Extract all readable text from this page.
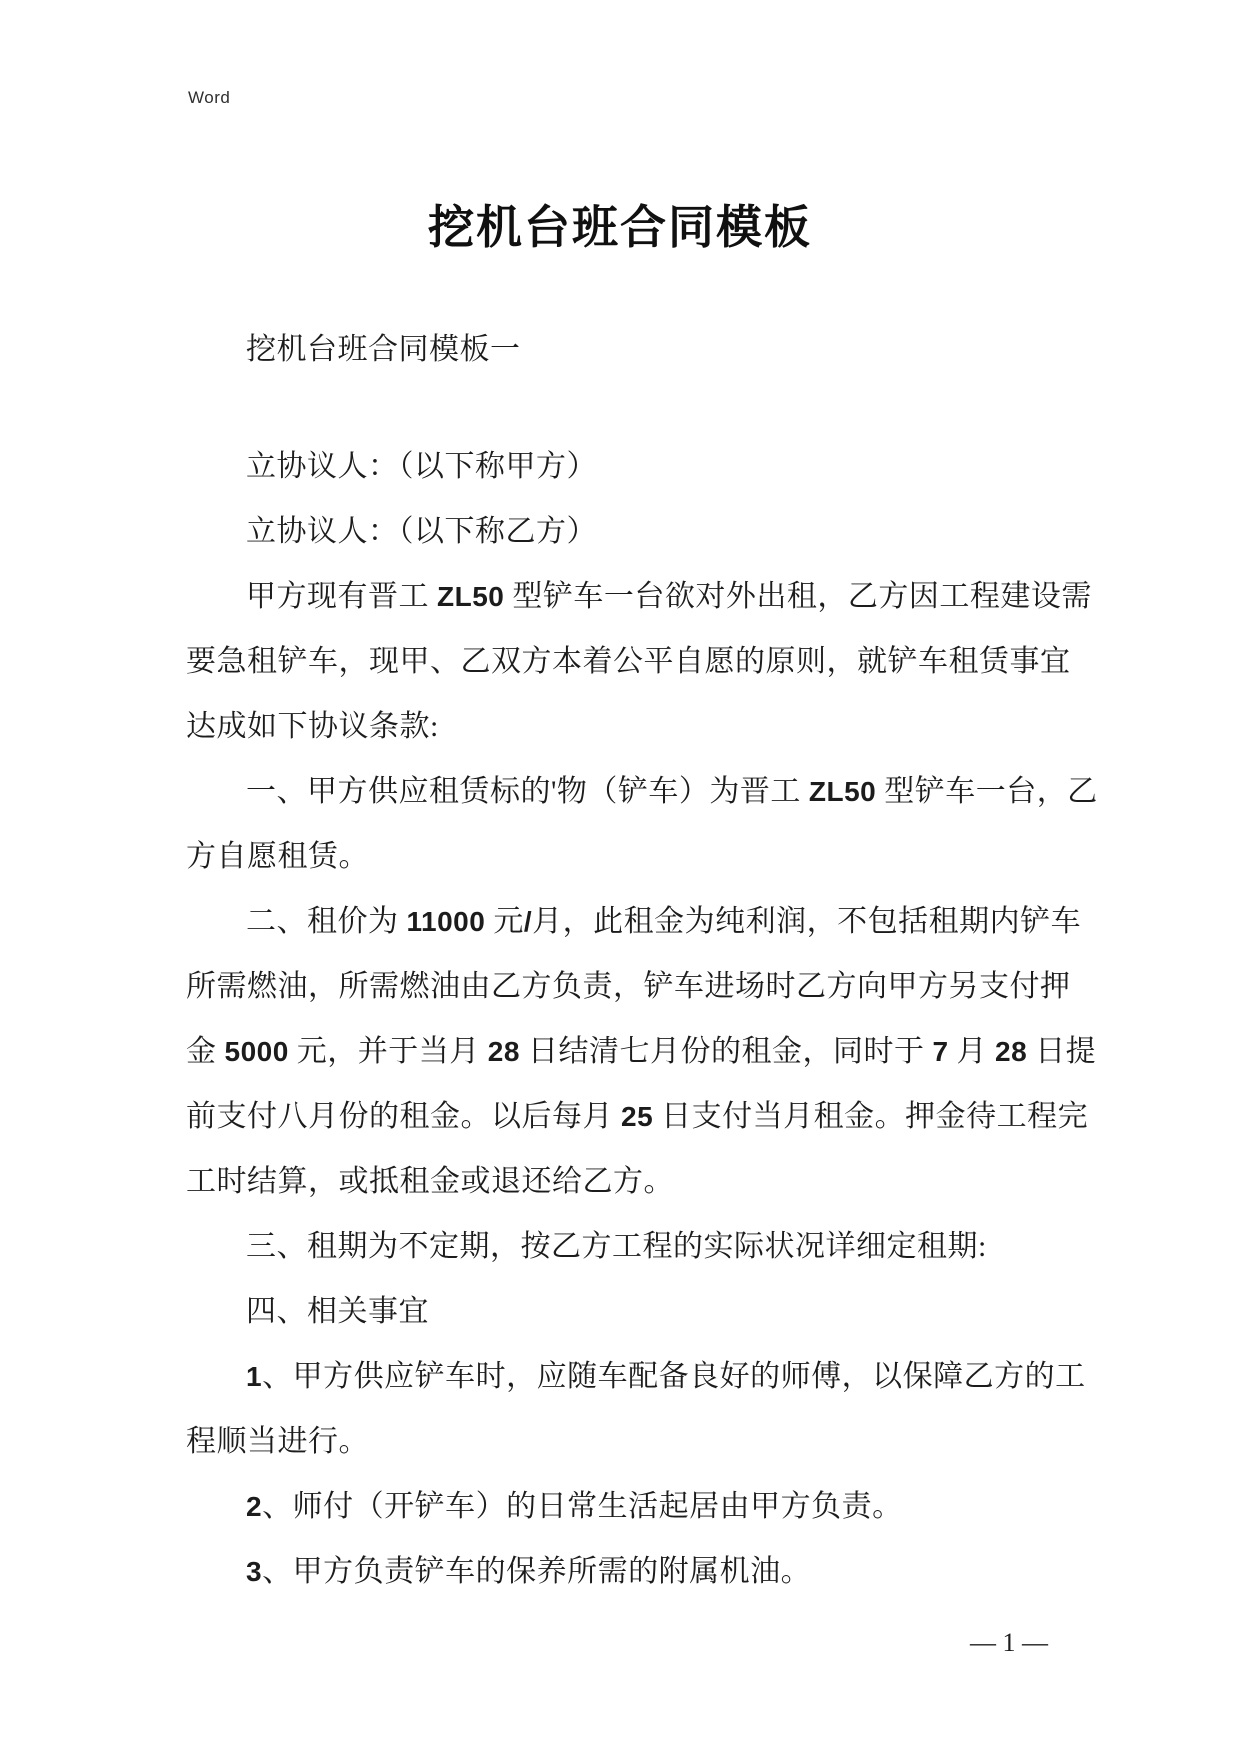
Word
挖机台班合同模板
挖机台班合同模板一
立协议人：（以下称甲方）
立协议人：（以下称乙方）
甲方现有晋工 ZL50 型铲车一台欲对外出租，乙方因工程建设需
要急租铲车，现甲、乙双方本着公平自愿的原则，就铲车租赁事宜
达成如下协议条款:
一、甲方供应租赁标的'物（铲车）为晋工 ZL50 型铲车一台，乙
方自愿租赁。
二、租价为 11000 元/月，此租金为纯利润，不包括租期内铲车
所需燃油，所需燃油由乙方负责，铲车进场时乙方向甲方另支付押
金 5000 元，并于当月 28 日结清七月份的租金，同时于 7 月 28 日提
前支付八月份的租金。以后每月 25 日支付当月租金。押金待工程完
工时结算，或抵租金或退还给乙方。
三、租期为不定期，按乙方工程的实际状况详细定租期:
四、相关事宜
1、甲方供应铲车时，应随车配备良好的师傅，以保障乙方的工
程顺当进行。
2、师付（开铲车）的日常生活起居由甲方负责。
3、甲方负责铲车的保养所需的附属机油。
— 1 —
